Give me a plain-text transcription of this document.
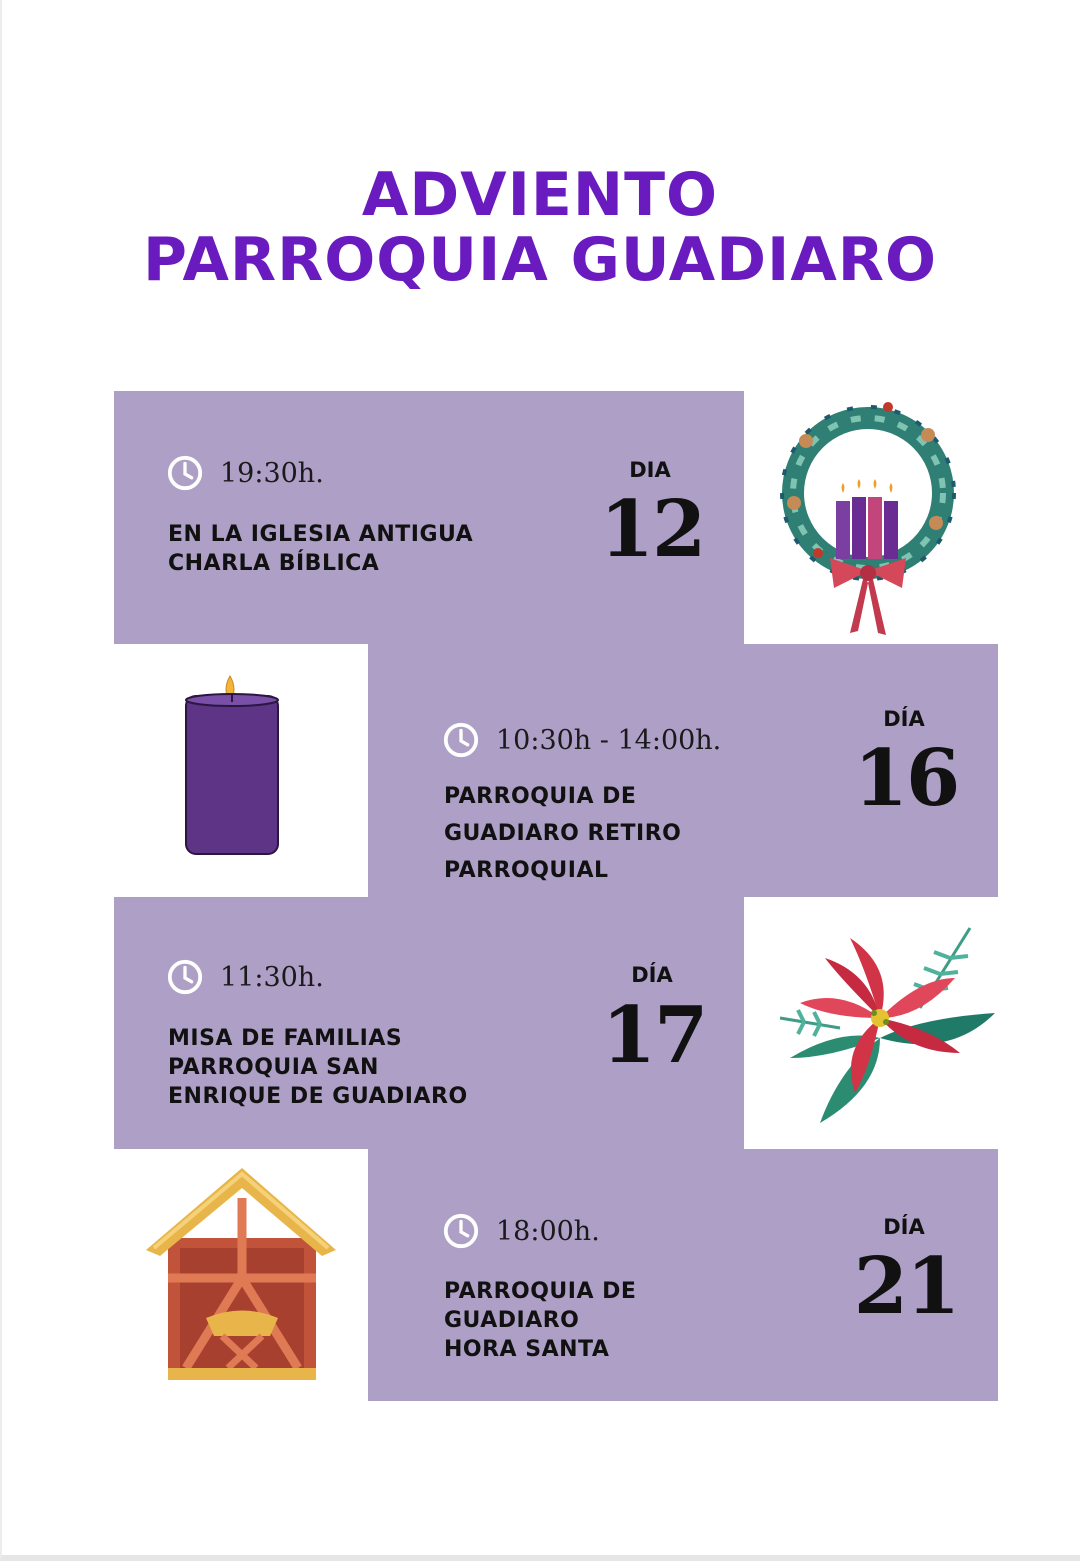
ADVIENTO
PARROQUIA GUADIARO
19:30h.
EN LA IGLESIA ANTIGUA
CHARLA BÍBLICA
DIA
12
10:30h - 14:00h.
PARROQUIA DE
GUADIARO RETIRO
PARROQUIAL
DÍA
16
11:30h.
MISA DE FAMILIAS
PARROQUIA SAN
ENRIQUE DE GUADIARO
DÍA
17
18:00h.
PARROQUIA DE
GUADIARO
HORA SANTA
DÍA
21
